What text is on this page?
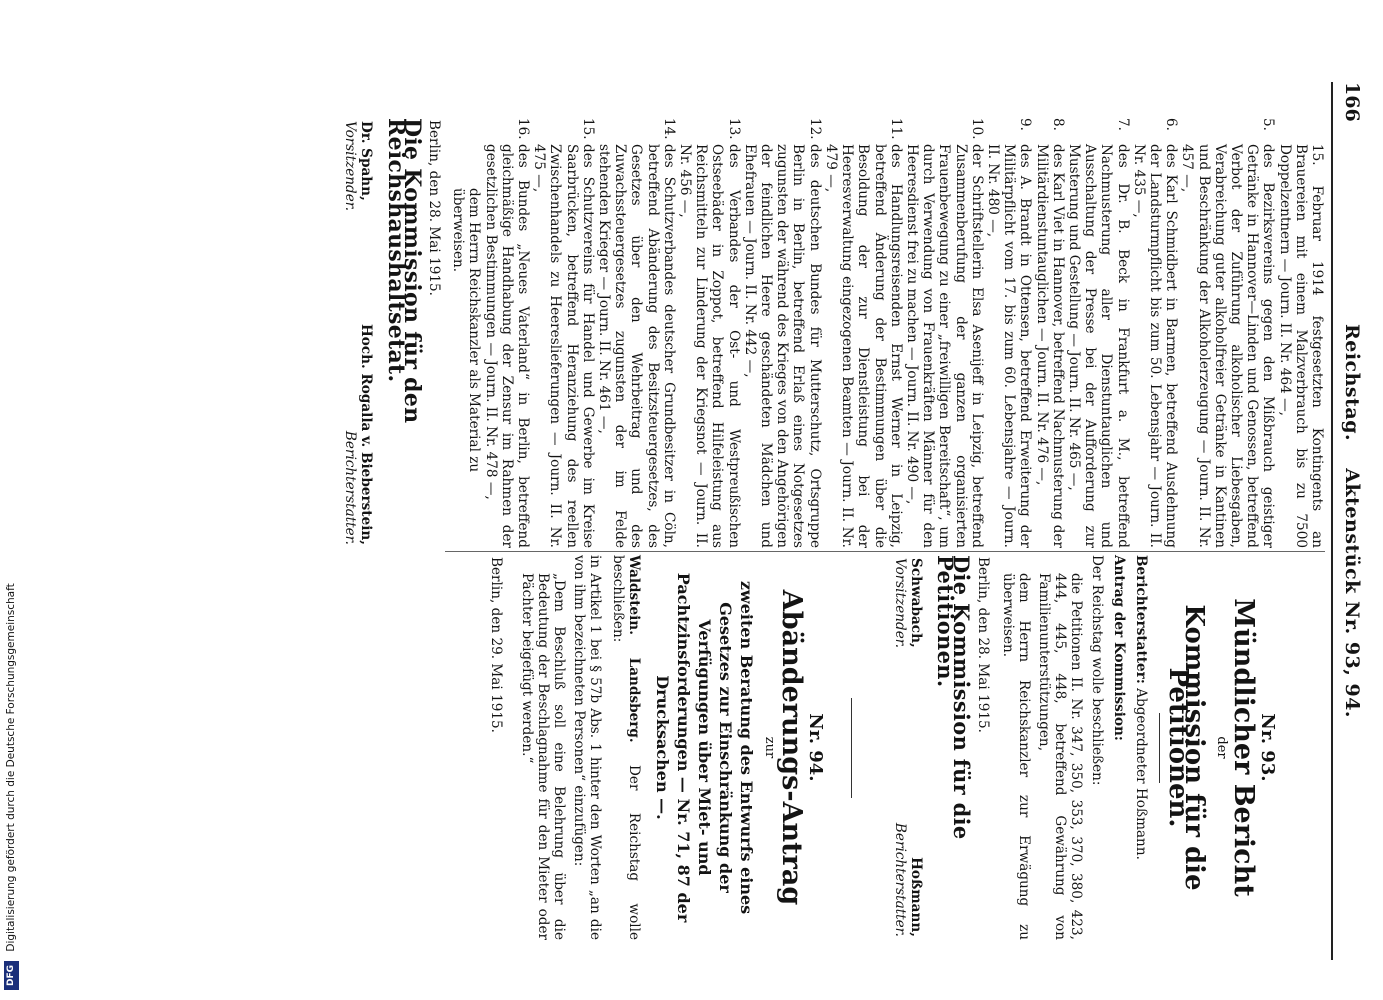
166
Reichstag. Aktenstück Nr. 93, 94.
15. Februar 1914 festgesetzten Kontingents an Brauereien mit einem Malzverbrauch bis zu 7500 Doppelzentnern — Journ. II. Nr. 464 —,
5.
des Bezirksvereins gegen den Mißbrauch geistiger Getränke in Hannover—Linden und Genossen, betreffend Verbot der Zuführung alkoholischer Liebesgaben, Verabreichung guter alkoholfreier Getränke in Kantinen und Beschränkung der Alkoholerzeugung — Journ. II. Nr. 457 —,
6.
des Karl Schmidbert in Barmen, betreffend Ausdehnung der Landsturmpflicht bis zum 50. Lebensjahr — Journ. II. Nr. 435 —,
7.
des Dr. B. Beck in Frankfurt a. M., betreffend Nachmusterung aller Dienstuntauglichen und Ausschaltung der Presse bei der Aufforderung zur Musterung und Gestellung — Journ. II. Nr. 465 —,
8.
des Karl Viet in Hannover, betreffend Nachmusterung der Militärdienstuntauglichen — Journ. II. Nr. 476 —,
9.
des A. Brandt in Ottensen, betreffend Erweiterung der Militärpflicht vom 17. bis zum 60. Lebensjahre — Journ. II. Nr. 480 —,
10.
der Schriftstellerin Elsa Asenijeff in Leipzig, betreffend Zusammenberufung der ganzen organisierten Frauenbewegung zu einer „freiwilligen Bereitschaft“, um durch Verwendung von Frauenkräften Männer für den Heeresdienst frei zu machen — Journ. II. Nr. 490 —,
11.
des Handlungsreisenden Ernst Werner in Leipzig, betreffend Änderung der Bestimmungen über die Besoldung der zur Dienstleistung bei der Heeresverwaltung eingezogenen Beamten — Journ. II. Nr. 479 —,
12.
des deutschen Bundes für Mutterschutz, Ortsgruppe Berlin in Berlin, betreffend Erlaß eines Notgesetzes zugunsten der während des Krieges von den Angehörigen der feindlichen Heere geschändeten Mädchen und Ehefrauen — Journ. II. Nr. 442 —,
13.
des Verbandes der Ost- und Westpreußischen Ostseebäder in Zoppot, betreffend Hilfeleistung aus Reichsmitteln zur Linderung der Kriegsnot — Journ. II. Nr. 456 —,
14.
des Schutzverbandes deutscher Grundbesitzer in Cöln, betreffend Abänderung des Besitzsteuergesetzes, des Gesetzes über den Wehrbeitrag und des Zuwachssteuergesetzes zugunsten der im Felde stehenden Krieger — Journ. II. Nr. 461 —,
15.
des Schutzvereins für Handel und Gewerbe im Kreise Saarbrücken, betreffend Heranziehung des reellen Zwischenhandels zu Heereslieferungen — Journ. II. Nr. 475 —,
16.
des Bundes „Neues Vaterland“ in Berlin, betreffend gleichmäßige Handhabung der Zensur im Rahmen der gesetzlichen Bestimmungen — Journ. II. Nr. 478 —,
dem Herrn Reichskanzler als Material zu
überweisen.
Berlin, den 28. Mai 1915.
Die Kommission für den Reichshaushaltsetat.
Dr. Spahn,
Vorsitzender.

Hoch. Rogalla v. Bieberstein,
Berichterstatter.
Nr. 93.
Mündlicher Bericht
der
Kommission für die Petitionen.
Berichterstatter: Abgeordneter Hoßmann.
Antrag der Kommission:
Der Reichstag wolle beschließen:
die Petitionen II. Nr. 347, 350, 353, 370, 380, 423, 444, 445, 448, betreffend Gewährung von Familienunterstützungen,
dem Herrn Reichskanzler zur Erwägung zu überweisen.
Berlin, den 28. Mai 1915.
Die Kommission für die Petitionen.
Schwabach,
Vorsitzender.

Hoßmann,
Berichterstatter.
Nr. 94.
Abänderungs-Antrag
zur
zweiten Beratung des Entwurfs eines Gesetzes zur Einschränkung der Verfügungen über Miet- und Pachtzinsforderungen — Nr. 71, 87 der Drucksachen —.
Waldstein. Landsberg. Der Reichstag wolle beschließen:
in Artikel 1 bei § 57b Abs. 1 hinter den Worten „an die von ihm bezeichneten Personen“ einzufügen:
„Dem Beschluß soll eine Belehrung über die Bedeutung der Beschlagnahme für den Mieter oder Pächter beigefügt werden.“
Berlin, den 29. Mai 1915.
DFG Digitalisierung gefördert durch die Deutsche Forschungsgemeinschaft
